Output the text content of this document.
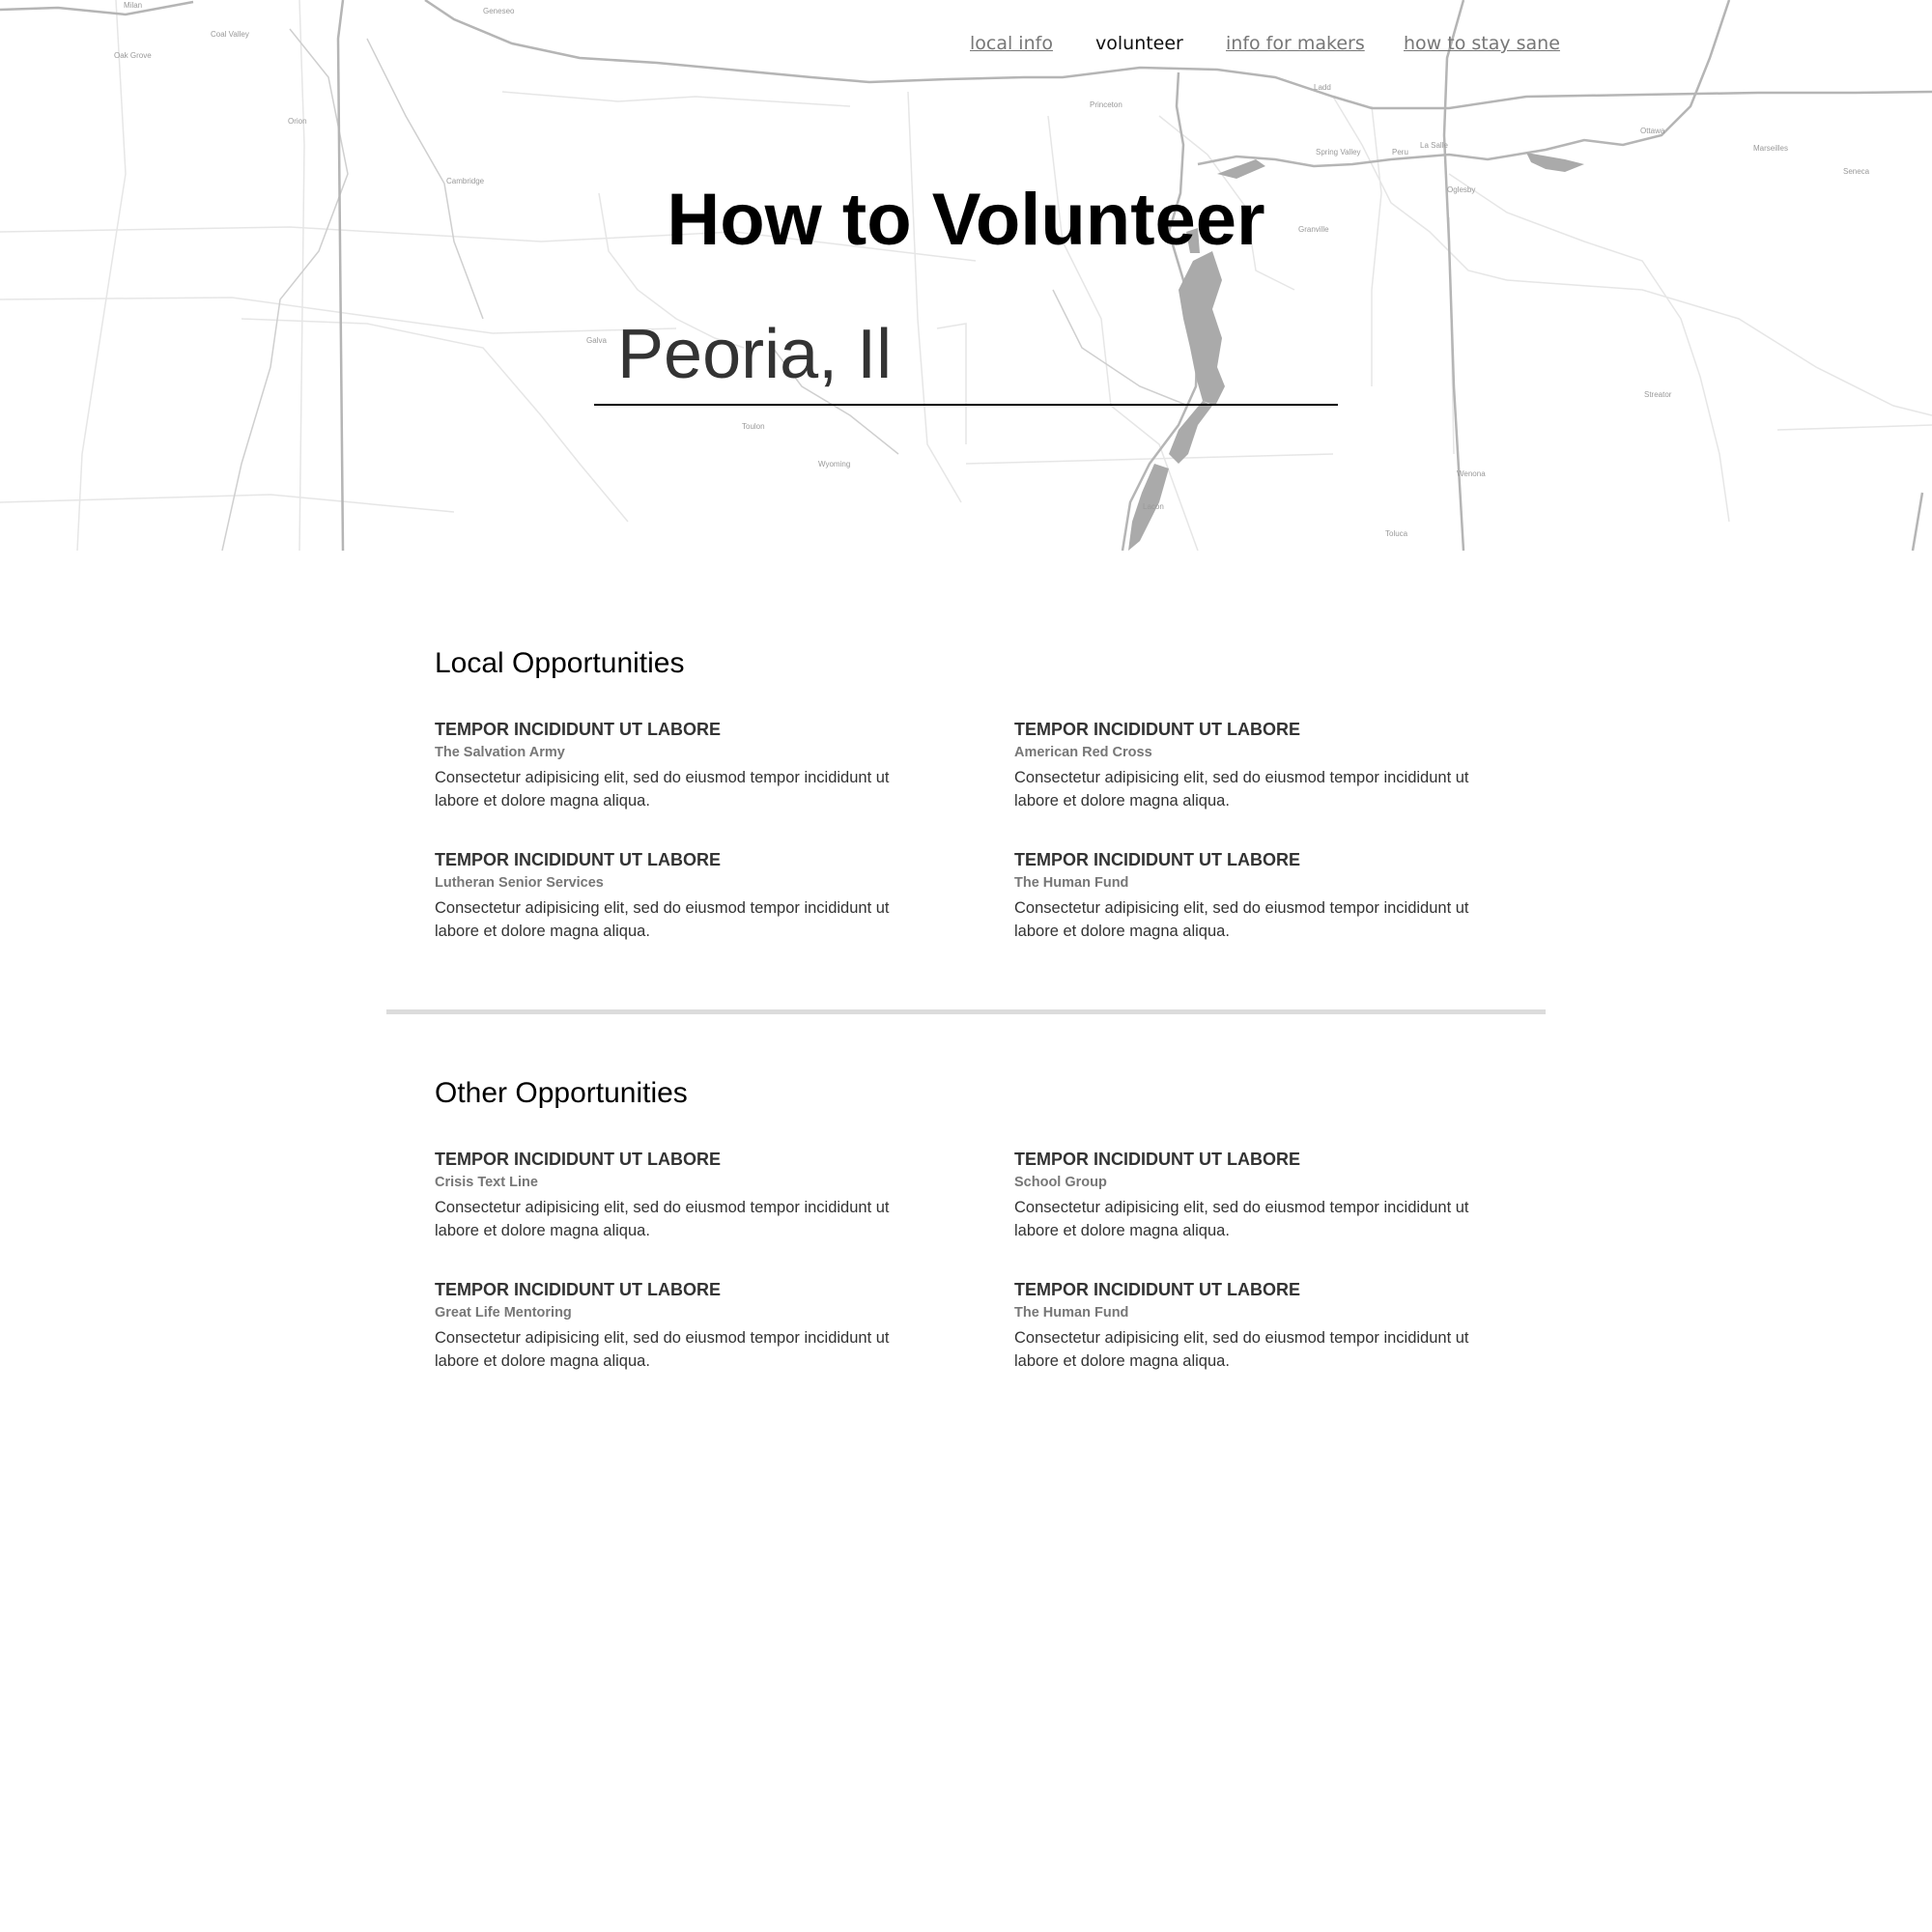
Milan
Coal Valley
Oak Grove
Geneseo
Orion
Cambridge
Galva
Toulon
Wyoming
Princeton
Ladd
Spring Valley	Peru
La Salle
Oglesby
Ottawa
Marseilles
Seneca
Granville
Streator
Wenona
Lacon
Toluca
local info volunteer info for makers how to stay sane
How to Volunteer
Peoria, Il
Local Opportunities
TEMPOR INCIDIDUNT UT LABORE
The Salvation Army
Consectetur adipisicing elit, sed do eiusmod tempor incididunt ut labore et dolore magna aliqua.
TEMPOR INCIDIDUNT UT LABORE
American Red Cross
Consectetur adipisicing elit, sed do eiusmod tempor incididunt ut labore et dolore magna aliqua.
TEMPOR INCIDIDUNT UT LABORE
Lutheran Senior Services
Consectetur adipisicing elit, sed do eiusmod tempor incididunt ut labore et dolore magna aliqua.
TEMPOR INCIDIDUNT UT LABORE
The Human Fund
Consectetur adipisicing elit, sed do eiusmod tempor incididunt ut labore et dolore magna aliqua.
Other Opportunities
TEMPOR INCIDIDUNT UT LABORE
Crisis Text Line
Consectetur adipisicing elit, sed do eiusmod tempor incididunt ut labore et dolore magna aliqua.
TEMPOR INCIDIDUNT UT LABORE
School Group
Consectetur adipisicing elit, sed do eiusmod tempor incididunt ut labore et dolore magna aliqua.
TEMPOR INCIDIDUNT UT LABORE
Great Life Mentoring
Consectetur adipisicing elit, sed do eiusmod tempor incididunt ut labore et dolore magna aliqua.
TEMPOR INCIDIDUNT UT LABORE
The Human Fund
Consectetur adipisicing elit, sed do eiusmod tempor incididunt ut labore et dolore magna aliqua.
